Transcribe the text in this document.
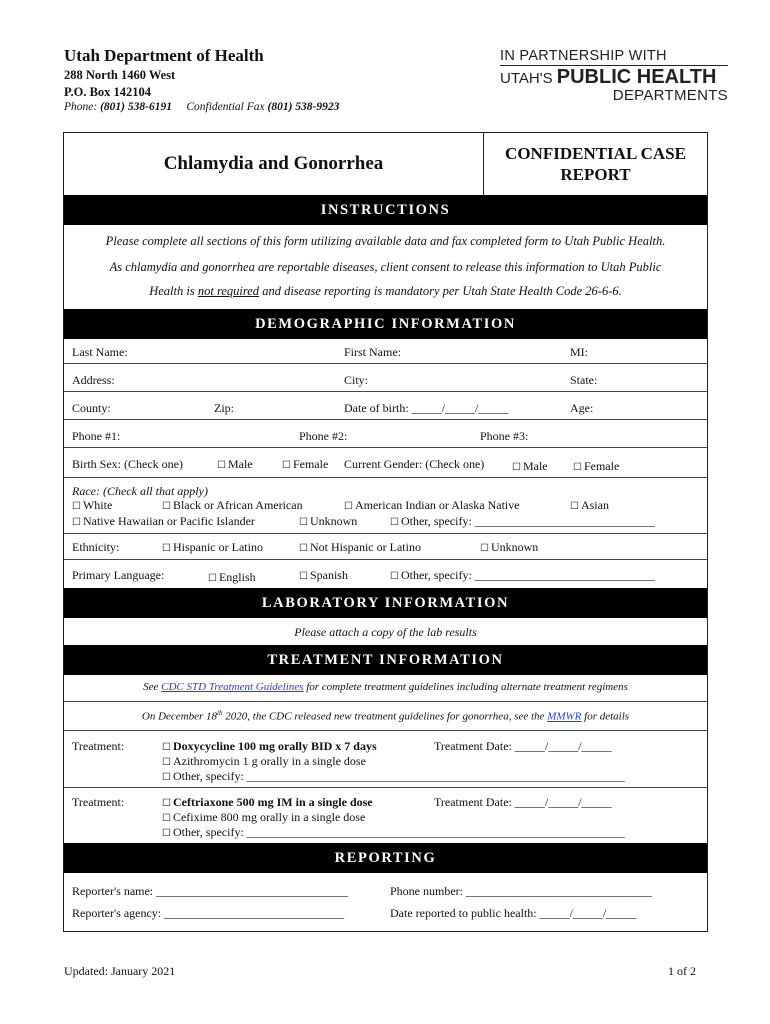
Utah Department of Health
288 North 1460 West
P.O. Box 142104
Phone: (801) 538-6191 Confidential Fax (801) 538-9923
IN PARTNERSHIP WITH
UTAH'S PUBLIC HEALTH
DEPARTMENTS
Chlamydia and Gonorrhea	CONFIDENTIAL CASE
REPORT
INSTRUCTIONS
Please complete all sections of this form utilizing available data and fax completed form to Utah Public Health.
As chlamydia and gonorrhea are reportable diseases, client consent to release this information to Utah Public
Health is not required and disease reporting is mandatory per Utah State Health Code 26-6-6.
DEMOGRAPHIC INFORMATION
Last Name:	First Name:	MI:
Address:	City:	State:
County:	Zip:	Date of birth: _____/_____/_____	Age:
Phone #1:	Phone #2:	Phone #3:
Birth Sex: (Check one)	☐ Male	☐ Female Current Gender: (Check one)	☐ Male	☐ Female
Race: (Check all that apply)
☐ White	☐ Black or African American	☐ American Indian or Alaska Native	☐ Asian
☐ Native Hawaiian or Pacific Islander	☐ Unknown	☐ Other, specify: ______________________________
Ethnicity:	☐ Hispanic or Latino	☐ Not Hispanic or Latino	☐ Unknown
Primary Language:	☐ English	☐ Spanish	☐ Other, specify: ______________________________
LABORATORY INFORMATION
Please attach a copy of the lab results
TREATMENT INFORMATION
See CDC STD Treatment Guidelines for complete treatment guidelines including alternate treatment regimens
On December 18th 2020, the CDC released new treatment guidelines for gonorrhea, see the MMWR for details
Treatment:	☐ Doxycycline 100 mg orally BID x 7 days	Treatment Date: _____/_____/_____
☐ Azithromycin 1 g orally in a single dose
☐ Other, specify: _______________________________________________________________
Treatment:	☐ Ceftriaxone 500 mg IM in a single dose	Treatment Date: _____/_____/_____
☐ Cefixime 800 mg orally in a single dose
☐ Other, specify: _______________________________________________________________
REPORTING
Reporter's name: ________________________________	Phone number: _______________________________
Reporter's agency: ______________________________	Date reported to public health: _____/_____/_____
Updated: January 2021	1 of 2
